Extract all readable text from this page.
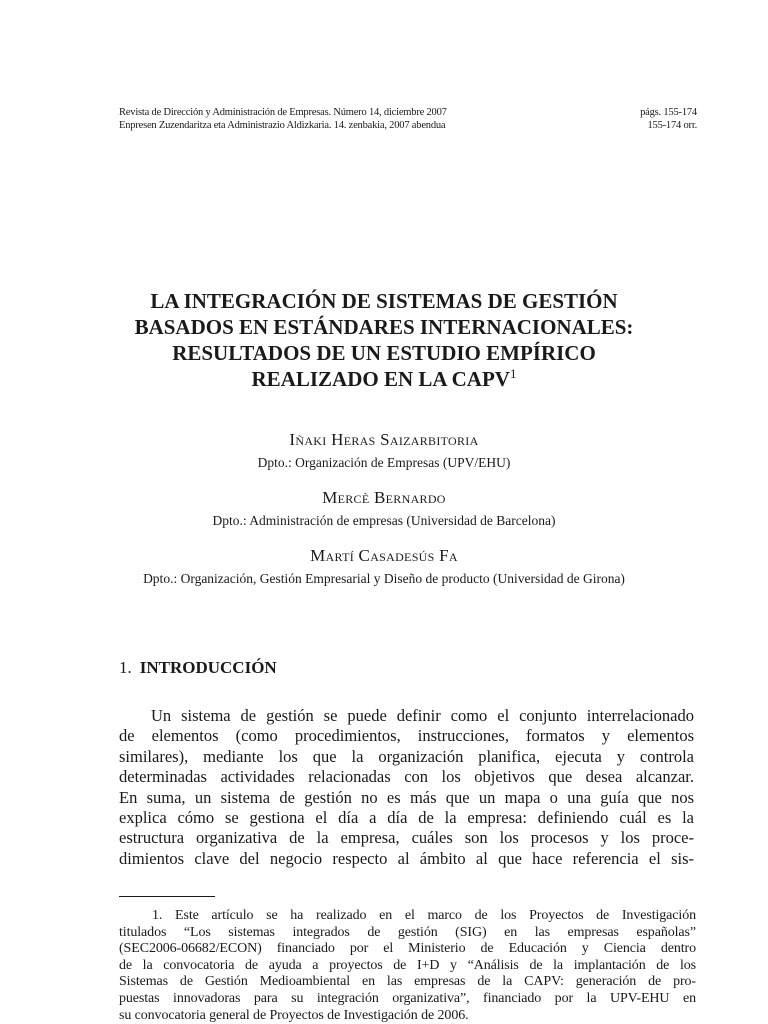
Revista de Dirección y Administración de Empresas. Número 14, diciembre 2007	págs. 155-174
Enpresen Zuzendaritza eta Administrazio Aldizkaria. 14. zenbakia, 2007 abendua	155-174 orr.
LA INTEGRACIÓN DE SISTEMAS DE GESTIÓN
BASADOS EN ESTÁNDARES INTERNACIONALES:
RESULTADOS DE UN ESTUDIO EMPÍRICO
REALIZADO EN LA CAPV$^1$
Iñaki Heras Saizarbitoria
Dpto.: Organización de Empresas (UPV/EHU)
Mercè Bernardo
Dpto.: Administración de empresas (Universidad de Barcelona)
Martí Casadesús Fa
Dpto.: Organización, Gestión Empresarial y Diseño de producto (Universidad de Girona)
1. INTRODUCCIÓN

Un sistema de gestión se puede definir como el conjunto interrelacionado
de elementos (como procedimientos, instrucciones, formatos y elementos
similares), mediante los que la organización planifica, ejecuta y controla
determinadas actividades relacionadas con los objetivos que desea alcanzar.
En suma, un sistema de gestión no es más que un mapa o una guía que nos
explica cómo se gestiona el día a día de la empresa: definiendo cuál es la
estructura organizativa de la empresa, cuáles son los procesos y los proce-
dimientos clave del negocio respecto al ámbito al que hace referencia el sis-

1. Este artículo se ha realizado en el marco de los Proyectos de Investigación
titulados “Los sistemas integrados de gestión (SIG) en las empresas españolas”
(SEC2006-06682/ECON) financiado por el Ministerio de Educación y Ciencia dentro
de la convocatoria de ayuda a proyectos de I+D y “Análisis de la implantación de los
Sistemas de Gestión Medioambiental en las empresas de la CAPV: generación de pro-
puestas innovadoras para su integración organizativa”, financiado por la UPV-EHU en
su convocatoria general de Proyectos de Investigación de 2006.
